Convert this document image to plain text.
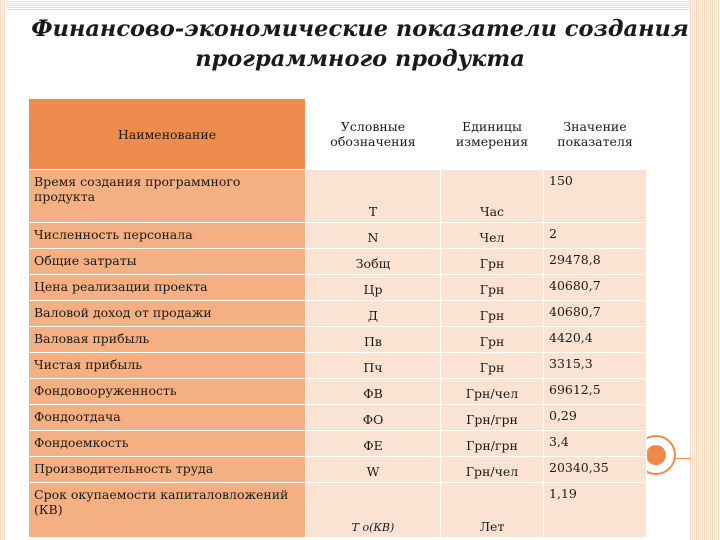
Финансово-экономические показатели создания
программного продукта
Наименование	Условные обозначения	Единицы измерения	Значение показателя
Время создания программного продукта	Т	Час	150
Численность персонала	N	Чел	2
Общие затраты	Зобщ	Грн	29478,8
Цена реализации проекта	Цр	Грн	40680,7
Валовой доход от продажи	Д	Грн	40680,7
Валовая прибыль	Пв	Грн	4420,4
Чистая прибыль	Пч	Грн	3315,3
Фондовооруженность	ФВ	Грн/чел	69612,5
Фондоотдача	ФО	Грн/грн	0,29
Фондоемкость	ФЕ	Грн/грн	3,4
Производительность труда	W	Грн/чел	20340,35
Срок окупаемости капиталовложений (КВ)	Т о(КВ)	Лет	1,19
